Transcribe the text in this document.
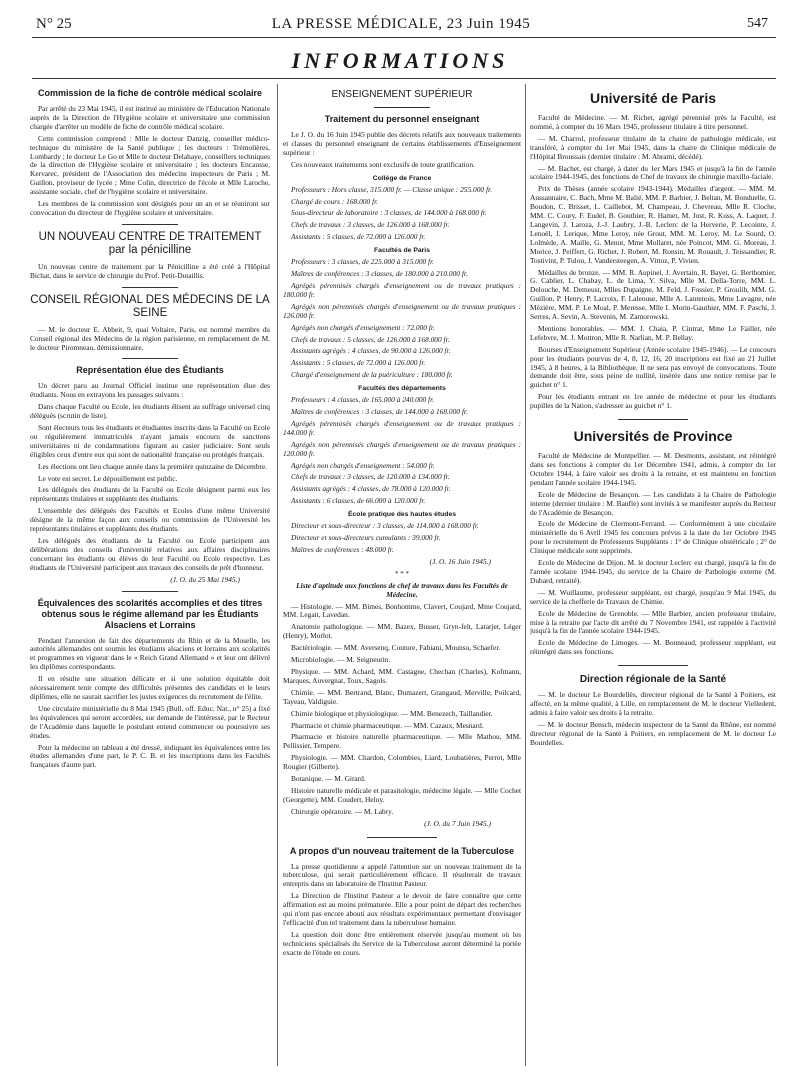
N° 25	LA PRESSE MÉDICALE, 23 Juin 1945	547
INFORMATIONS
Commission de la fiche de contrôle médical scolaire

Par arrêté du 23 Mai 1945, il est institué au ministère de l'Education Nationale auprès de la Direction de l'Hygiène scolaire et universitaire une commission chargée d'arrêter un modèle de fiche de contrôle médical scolaire.

Cette commission comprend : Mlle le docteur Danzig, conseiller médico-technique du ministère de la Santé publique ; les docteurs : Trémolières, Lombardy ; le docteur Le Go et Mlle le docteur Delahaye, conseillers techniques de la direction de l'Hygiène scolaire et universitaire ; les docteurs Encausse, Kervarec, président de l'Association des médecins inspecteurs de Paris ; M. Guillon, proviseur de lycée ; Mme Colin, directrice de l'école et Mlle Laroche, assistante sociale, chef de l'hygiène scolaire et universitaire.

Les membres de la commission sont désignés pour un an et se réuniront sur convocation du directeur de l'hygiène scolaire et universitaire.

UN NOUVEAU CENTRE DE TRAITEMENT par la pénicilline

Un nouveau centre de traitement par la Pénicilline a été créé à l'Hôpital Bichat, dans le service de chirurgie du Prof. Petit-Dutaillis.

CONSEIL RÉGIONAL DES MÉDECINS DE LA SEINE

— M. le docteur E. Abbeit, 9, quai Voltaire, Paris, est nommé membre du Conseil régional des Médecins de la région parisienne, en remplacement de M. le docteur Piromneau, démissionnaire.

Représentation élue des Étudiants

Un décret paru au Journal Officiel institue une représentation élue des étudiants. Nous en extrayons les passages suivants :

Dans chaque Faculté ou Ecole, les étudiants élisent au suffrage universel cinq délégués (scrutin de liste).

Sont électeurs tous les étudiants et étudiantes inscrits dans la Faculté ou Ecole ou régulièrement immatriculés n'ayant jamais encouru de sanctions universitaires ni de condamnations figurant au casier judiciaire. Sont seuls éligibles ceux d'entre eux qui sont de nationalité française ou protégés français.

Les élections ont lieu chaque année dans la première quinzaine de Décembre.

Le vote est secret. Le dépouillement est public.

Les délégués des étudiants de la Faculté ou Ecole désignent parmi eux les représentants titulaires et suppléants des étudiants.

L'ensemble des délégués des Facultés et Ecoles d'une même Université désigne de la même façon aux conseils ou commission de l'Université les représentants titulaires et suppléants des étudiants.

Les délégués des étudiants de la Faculté ou Ecole participent aux délibérations des conseils d'université relatives aux affaires disciplinaires concernant les étudiants ou élèves de leur Faculté ou Ecole respective. Les étudiants de l'Université participent aux travaux des conseils de prêt d'honneur.

(J. O. du 25 Mai 1945.)

Équivalences des scolarités accomplies et des titres obtenus sous le régime allemand par les Étudiants Alsaciens et Lorrains

Pendant l'annexion de fait des départements du Rhin et de la Moselle, les autorités allemandes ont soumis les étudiants alsaciens et lorrains aux scolarités et programmes en vigueur dans le « Reich Grand Allemand » et leur ont délivré les diplômes correspondants.

Il en résulte une situation délicate et si une solution équitable doit nécessairement tenir compte des difficultés présentes des candidats et le leurs diplômes, elle ne saurait sacrifier les justes exigences du recrutement de l'élite.

Une circulaire ministérielle du 8 Mai 1945 (Bull. off. Educ. Nat., n° 25) a fixé les équivalences qui seront accordées, sur demande de l'intéressé, par le Recteur de l'Académie dans laquelle le postulant entend commencer ou poursuivre ses études.

Pour la médecine un tableau a été dressé, indiquant les équivalences entre les études allemandes d'une part, le P. C. B. et les inscriptions dans les Facultés françaises d'autre part.

ENSEIGNEMENT SUPÉRIEUR
Traitement du personnel enseignant

Le J. O. du 16 Juin 1945 publie des décrets relatifs aux nouveaux traitements et classes du personnel enseignant de certains établissements d'Enseignement supérieur :

Ces nouveaux traitements sont exclusifs de toute gratification.

Collège de France

Professeurs : Hors classe, 315.000 fr. — Classe unique : 255.000 fr.

Chargé de cours : 168.000 fr.

Sous-directeur de laboratoire : 3 classes, de 144.000 à 168.000 fr.

Chefs de travaux : 3 classes, de 126.000 à 168.000 fr.

Assistants : 5 classes, de 72.000 à 126.000 fr.

Facultés de Paris

Professeurs : 3 classes, de 225.000 à 315.000 fr.

Maîtres de conférences : 3 classes, de 180.000 à 210.000 fr.

Agrégés pérennisés chargés d'enseignement ou de travaux pratiques : 180.000 fr.

Agrégés non pérennisés chargés d'enseignement ou de travaux pratiques : 126.000 fr.

Agrégés non chargés d'enseignement : 72.000 fr.

Chefs de travaux : 5 classes, de 126.000 à 168.000 fr.

Assistants agrégés : 4 classes, de 90.000 à 126.000 fr.

Assistants : 5 classes, de 72.000 à 126.000 fr.

Chargé d'enseignement de la puériculture : 180.000 fr.

Facultés des départements

Professeurs : 4 classes, de 165.000 à 240.000 fr.

Maîtres de conférences : 3 classes, de 144.000 à 168.000 fr.

Agrégés pérennisés chargés d'enseignement ou de travaux pratiques : 144.000 fr.

Agrégés non pérennisés chargés d'enseignement ou de travaux pratiques : 120.000 fr.

Agrégés non chargés d'enseignement : 54.000 fr.

Chefs de travaux : 3 classes, de 120.000 à 134.000 fr.

Assistants agrégés : 4 classes, de 78.000 à 120.000 fr.

Assistants : 6 classes, de 66.000 à 120.000 fr.

École pratique des hautes études

Directeur et sous-directeur : 3 classes, de 114.000 à 168.000 fr.

Directeur et sous-directeurs cumulants : 39.000 fr.

Maîtres de conférences : 48.000 fr.

(J. O. 16 Juin 1945.)

* * *

Liste d'aptitude aux fonctions de chef de travaux dans les Facultés de Médecine.

— Histologie. — MM. Bimes, Bonhomme, Clavert, Coujard, Mme Coujard, MM. Legait, Lavedan.

Anatomie pathologique. — MM. Bazex, Busser, Gryn-felt, Latarjet, Léger (Henry), Morlot.

Bactériologie. — MM. Aversenq, Couture, Fabiani, Mounsu, Schaefer.

Microbiologie. — M. Seigneurin.

Physique. — MM. Achard, MM. Castagne, Chechan (Charles), Kofmann, Marques, Auvergnat, Toux, Sagols.

Chimie. — MM. Bertrand, Blanc, Dumazert, Grangaud, Merville, Poilcard, Tayeau, Valdiguie.

Chimie biologique et physiologique. — MM. Benezech, Taillandier.

Pharmacie et chimie pharmaceutique. — MM. Cazaux, Mesnard.

Pharmacie et histoire naturelle pharmaceutique. — Mlle Mathou, MM. Pellissier, Tempere.

Physiologie. — MM. Chardon, Colombies, Liard, Loubatières, Perrot, Mlle Rougier (Gilberte).

Botanique. — M. Girard.

Histoire naturelle médicale et parasitologie, médecine légale. — Mlle Cochet (Georgette), MM. Coudert, Heluy.

Chirurgie opératoire. — M. Labry.

(J. O. du 7 Juin 1945.)

A propos d'un nouveau traitement de la Tuberculose

La presse quotidienne a appelé l'attention sur un nouveau traitement de la tuberculose, qui serait particulièrement efficace. Il résulterait de travaux entrepris dans un laboratoire de l'Institut Pasteur.

La Direction de l'Institut Pasteur a le devoir de faire connaître que cette affirmation est au moins prématurée. Elle a pour point de départ des recherches qui n'ont pas encore abouti aux résultats expérimentaux permettant d'envisager l'efficacité d'un tel traitement dans la tuberculose humaine.

La question doit donc être entièrement réservée jusqu'au moment où les techniciens spécialisés du Service de la Tuberculose auront déterminé la portée exacte de l'étude en cours.

Université de Paris

Faculté de Médecine. — M. Richet, agrégé pérennisé près la Faculté, est nommé, à compter du 16 Mars 1945, professeur titulaire à titre personnel.

— M. Charrol, professeur titulaire de la chaire de pathologie médicale, est transféré, à compter du 1er Mai 1945, dans la chaire de Clinique médicale de l'Hôpital Broussais (dernier titulaire : M. Abrami, décédé).

— M. Bachet, est chargé, à dater du 1er Mars 1945 et jusqu'à la fin de l'année scolaire 1944-1945, des fonctions de Chef de travaux de chirurgie maxillo-faciale.

Prix de Thèses (année scolaire 1943-1944). Médailles d'argent. — MM. M. Aussannaire, C. Bach, Mme M. Balié, MM. P. Barbier, J. Beltan, M. Bonduelle, G. Boudon, C. Brisset, L. Caillebot, M. Champeau, J. Chevreau, Mlle R. Cloche, MM. C. Coury, F. Eudel, B. Gouthier, R. Hamet, M. Jost, R. Kuss, A. Laquet, J. Langevin, J. Laroza, J.-J. Laubry, J.-B. Leclerc de la Herverie, P. Lecointe, J. Lenoël, J. Lerique, Mme Leroy, née Grout, MM. M. Leroy, M. Le Sourd, O. Lolmède, A. Maille, G. Menut, Mme Mollaret, née Poincot, MM. G. Moreau, J. Morice, J. Peiffert, G. Richet, J. Robert, M. Ronsin, M. Rouault, J. Teissandier, R. Tostivint, P. Tulou, J. Vandersteegen, A. Vittoz, P. Vivien.

Médailles de bronze. — MM. R. Aupinel, J. Avertain, R. Bayet, G. Berthomier, G. Cablier, L. Chabay, L. de Lima, Y. Silva, Mlle M. Della-Torre, MM. L. Delouche, M. Demeust, Mlles Dupaigne, M. Feld, J. Fossier, P. Groulib, MM. G. Guillon, P. Henry, P. Lacroix, F. Laleouse, Mlle A. Lantenois, Mme Lavagne, née Mézière, MM. P. Le Moal, P. Meresse, Mlle I. Morin-Gauthier, MM. F. Paschi, J. Serres, A. Sevin, A. Stevenin, M. Zamorowski.

Mentions honorables. — MM. J. Chaia, P. Cintrat, Mme Le Failler, née Lefebvre, M. J. Mottron, Mlle R. Narlian, M. P. Bellay.

Bourses d'Enseignement Supérieur (Année scolaire 1945-1946). — Le concours pour les étudiants pourvus de 4, 8, 12, 16, 20 inscriptions est fixé au 21 Juillet 1945, à 8 heures, à la Bibliothèque. Il ne sera pas envoyé de convocations. Toute demande doit être, sous peine de nullité, insérée dans une notice remise par le guichet n° 1.

Pour les étudiants entrant en 1re année de médecine et pour les étudiants pupilles de la Nation, s'adresser au guichet n° 1.

Universités de Province

Faculté de Médecine de Montpellier. — M. Desmonts, assistant, est réintégré dans ses fonctions à compter du 1er Décembre 1941, admis, à compter du 1er Octobre 1944, à faire valoir ses droits à la retraite, et est maintenu en fonction pendant l'année scolaire 1944-1945.

Ecole de Médecine de Besançon. — Les candidats à la Chaire de Pathologie interne (dernier titulaire : M. Baufle) sont invités à se manifester auprès du Recteur de l'Académie de Besançon.

Ecole de Médecine de Clermont-Ferrand. — Conformément à une circulaire ministérielle du 6 Avril 1945 les concours prévus à la date du 1er Octobre 1945 pour le recrutement de Professeurs Suppléants : 1° de Clinique obstétricale ; 2° de Clinique médicale sont supprimés.

Ecole de Médecine de Dijon. M. le docteur Leclerc est chargé, jusqu'à la fin de l'année scolaire 1944-1945, du service de la Chaire de Pathologie externe (M. Dubard, retraité).

— M. Wuillaume, professeur suppléant, est chargé, jusqu'au 9 Mai 1945, du service de la chefferie de Travaux de Chimie.

Ecole de Médecine de Grenoble. — Mlle Barbier, ancien professeur titulaire, mise à la retraite par l'acte dit arrêté du 7 Novembre 1941, est rappelée à l'activité jusqu'à la fin de l'année scolaire 1944-1945.

Ecole de Médecine de Limoges. — M. Bonneaud, professeur suppléant, est réintégré dans ses fonctions.

Direction régionale de la Santé

— M. le docteur Le Bourdellès, directeur régional de la Santé à Poitiers, est affecté, en la même qualité, à Lille, en remplacement de M. le docteur Vielledent, admis à faire valoir ses droits à la retraite.

— M. le docteur Bensch, médecin inspecteur de la Santé du Rhône, est nommé directeur régional de la Santé à Poitiers, en remplacement de M. le docteur Le Bourdelles.
